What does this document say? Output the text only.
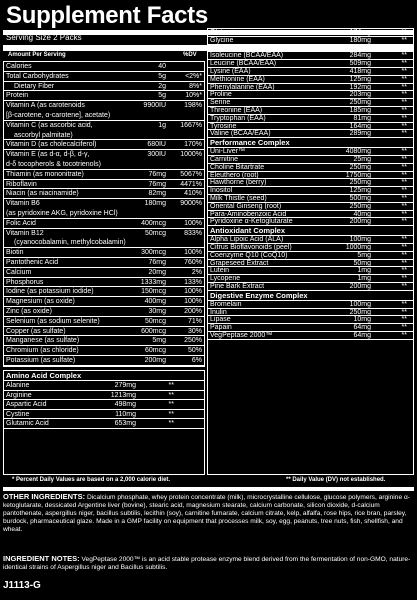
Supplement Facts
Serving Size 2 Packs
Amount Per Serving	%DV
Calories	40
Total Carbohydrates	5g	<2%*
Dietary Fiber	2g	8%*
Protein	5g	10%*
Vitamin A (as carotenoids	9900IU	198%
[β-carotene, α-carotene], acetate)
Vitamin C (as ascorbic acid,	1g 1667%
ascorbyl palmitate)
Vitamin D (as cholecalciferol)	680IU	170%
Vitamin E (as d-α, d-β, d-γ,	300IU 1000%
d-δ tocopherols & tocotrienols)
Thiamin (as mononitrate)	76mg 5067%
Riboflavin	76mg 4471%
Niacin (as niacinamide)	82mg	410%
Vitamin B6	180mg 9000%
(as pyridoxine AKG, pyridoxine HCl)
Folic Acid	400mcg	100%
Vitamin B12	50mcg	833%
(cyanocobalamin, methylcobalamin)
Biotin	300mcg	100%
Pantothenic Acid	76mg	760%
Calcium	20mg	2%
Phosphorus	1333mg	133%
Iodine (as potassium iodide)	150mcg	100%
Magnesium (as oxide)	400mg	100%
Zinc (as oxide)	30mg	200%
Selenium (as sodium selenite)	50mcg	71%
Copper (as sulfate)	600mcg	30%
Manganese (as sulfate)	5mg	250%
Chromium (as chloride)	60mcg	50%
Potassium (as sulfate)	200mg	6%
Amino Acid Complex
Alanine	279mg	**
Arginine	1213mg	**
Aspartic Acid	498mg	**
Cystine	110mg	**
Glutamic Acid	653mg	**
Glutamine	174mg	**
Glycine	180mg	**
Histidine	92mg	**
Isoleucine (BCAA/EAA)	284mg	**
Leucine (BCAA/EAA)	509mg	**
Lysine (EAA)	418mg	**
Methionine (EAA)	125mg	**
Phenylalanine (EAA)	192mg	**
Proline	203mg	**
Serine	250mg	**
Threonine (EAA)	185mg	**
Tryptophan (EAA)	81mg	**
Tyrosine	164mg	**
Valine (BCAA/EAA)	289mg	**
Performance Complex
Uni-Liver™	4080mg	**
Carnitine	25mg	**
Choline Bitartrate	250mg	**
Eleuthero (root)	1750mg	**
Hawthorne (berry)	250mg	**
Inositol	125mg	**
Milk Thistle (seed)	500mg	**
Oriental Ginseng (root)	250mg	**
Para-Aminobenzoic Acid	40mg	**
Pyridoxine α-Ketoglutarate	200mg	**
Antioxidant Complex
Alpha Lipoic Acid (ALA)	100mg	**
Citrus Bioflavonoids (peel)	1000mg	**
Coenzyme Q10 (CoQ10)	5mg	**
Grapeseed Extract	50mg	**
Lutein	1mg	**
Lycopene	1mg	**
Pine Bark Extract	200mg	**
Digestive Enzyme Complex
Bromelain	100mg	**
Inulin	250mg	**
Lipase	10mg	**
Papain	64mg	**
VegPeptase 2000™	64mg	**
* Percent Daily Values are based on a 2,000 calorie diet.	** Daily Value (DV) not established.
OTHER INGREDIENTS: Dicalcium phosphate, whey protein concentrate (milk), microcrystalline cellulose, glucose polymers, arginine α-ketoglutarate, dessicated Argentine liver (bovine), stearic acid, magnesium stearate, calcium carbonate, silicon dioxide, d-calcium pantothenate, aspergillus niger, bacillus subtilis, lecithin (soy), carnitine fumarate, calcium citrate, kelp, alfalfa, rose hips, rice bran, parsley, burdock, pharmaceutical glaze. Made in a GMP facility on equipment that processes milk, soy, egg, peanuts, tree nuts, fish, shellfish, and wheat.
INGREDIENT NOTES: VegPeptase 2000™ is an acid stable protease enzyme blend derived from the fermentation of non-GMO, nature-identical strains of Aspergillus niger and Bacillus subtilis.
J1113-G
